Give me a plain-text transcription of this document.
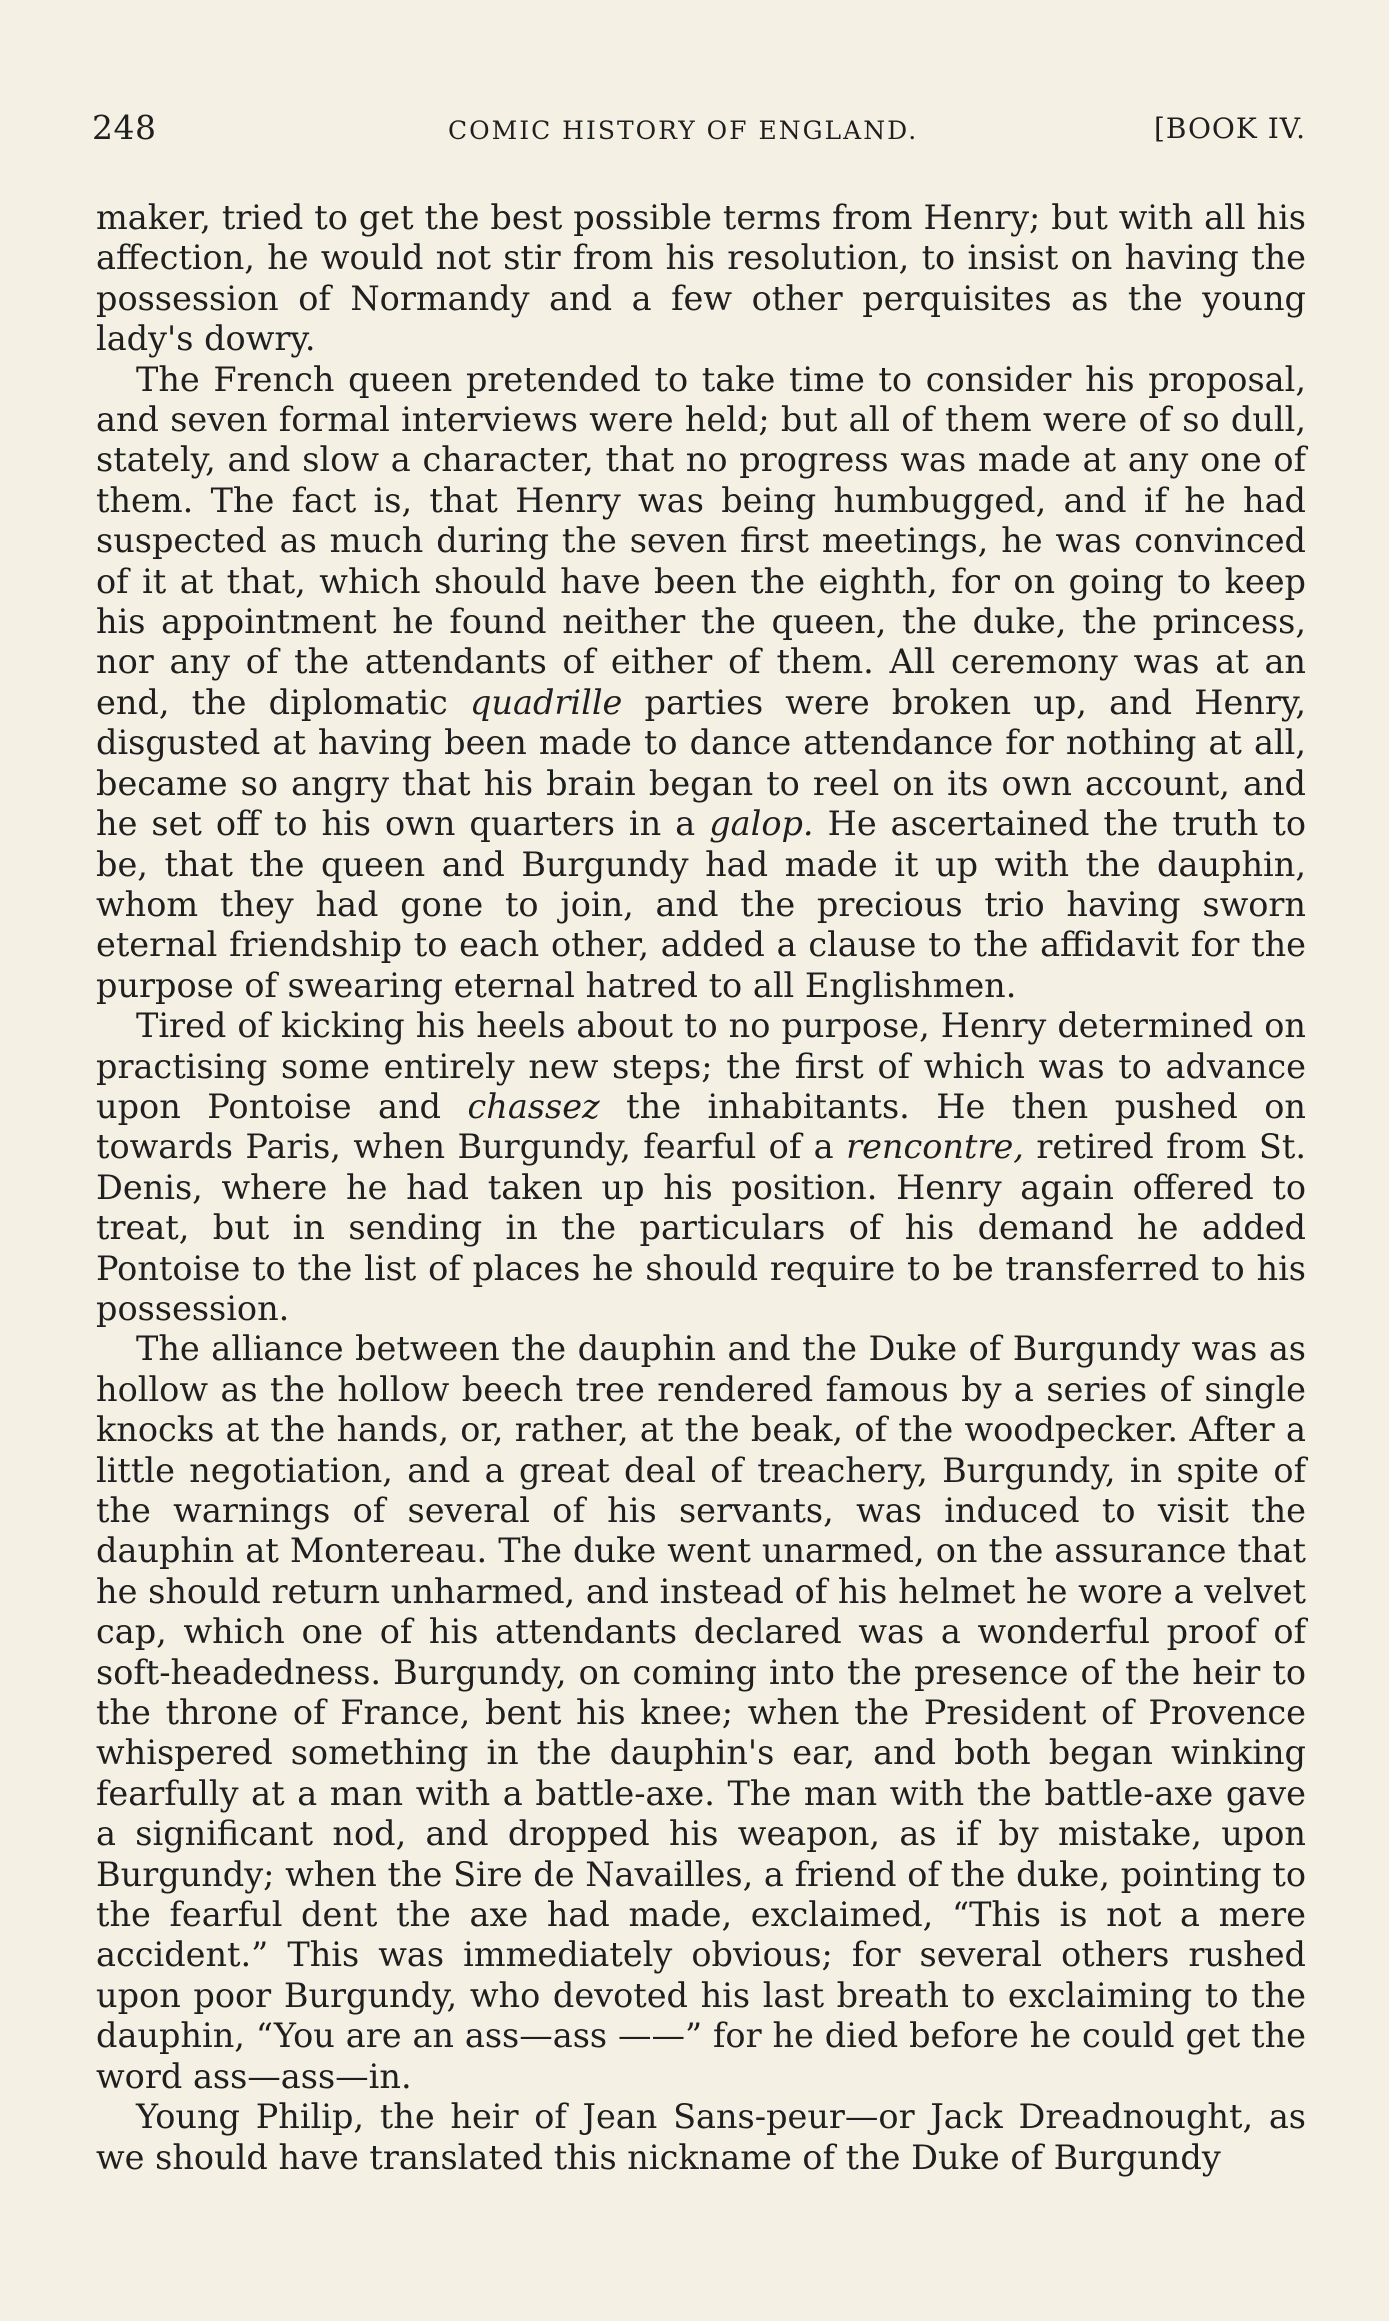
248	COMIC HISTORY OF ENGLAND.	[BOOK IV.

maker, tried to get the best possible terms from Henry; but with all his affection, he would not stir from his resolution, to insist on having the possession of Normandy and a few other perquisites as the young lady's dowry.

The French queen pretended to take time to consider his proposal, and seven formal interviews were held; but all of them were of so dull, stately, and slow a character, that no progress was made at any one of them. The fact is, that Henry was being humbugged, and if he had suspected as much during the seven first meetings, he was convinced of it at that, which should have been the eighth, for on going to keep his appointment he found neither the queen, the duke, the princess, nor any of the attendants of either of them. All ceremony was at an end, the diplomatic quadrille parties were broken up, and Henry, disgusted at having been made to dance attendance for nothing at all, became so angry that his brain began to reel on its own account, and he set off to his own quarters in a galop. He ascertained the truth to be, that the queen and Burgundy had made it up with the dauphin, whom they had gone to join, and the precious trio having sworn eternal friendship to each other, added a clause to the affidavit for the purpose of swearing eternal hatred to all Englishmen.

Tired of kicking his heels about to no purpose, Henry determined on practising some entirely new steps; the first of which was to advance upon Pontoise and chassez the inhabitants. He then pushed on towards Paris, when Burgundy, fearful of a rencontre, retired from St. Denis, where he had taken up his position. Henry again offered to treat, but in sending in the particulars of his demand he added Pontoise to the list of places he should require to be transferred to his possession.

The alliance between the dauphin and the Duke of Burgundy was as hollow as the hollow beech tree rendered famous by a series of single knocks at the hands, or, rather, at the beak, of the woodpecker. After a little negotiation, and a great deal of treachery, Burgundy, in spite of the warnings of several of his servants, was induced to visit the dauphin at Montereau. The duke went unarmed, on the assurance that he should return unharmed, and instead of his helmet he wore a velvet cap, which one of his attendants declared was a wonderful proof of soft-headedness. Burgundy, on coming into the presence of the heir to the throne of France, bent his knee; when the President of Provence whispered something in the dauphin's ear, and both began winking fearfully at a man with a battle-axe. The man with the battle-axe gave a significant nod, and dropped his weapon, as if by mistake, upon Burgundy; when the Sire de Navailles, a friend of the duke, pointing to the fearful dent the axe had made, exclaimed, “This is not a mere accident.” This was immediately obvious; for several others rushed upon poor Burgundy, who devoted his last breath to exclaiming to the dauphin, “You are an ass—ass ——” for he died before he could get the word ass—ass—in.

Young Philip, the heir of Jean Sans-peur—or Jack Dreadnought, as we should have translated this nickname of the Duke of Burgundy
